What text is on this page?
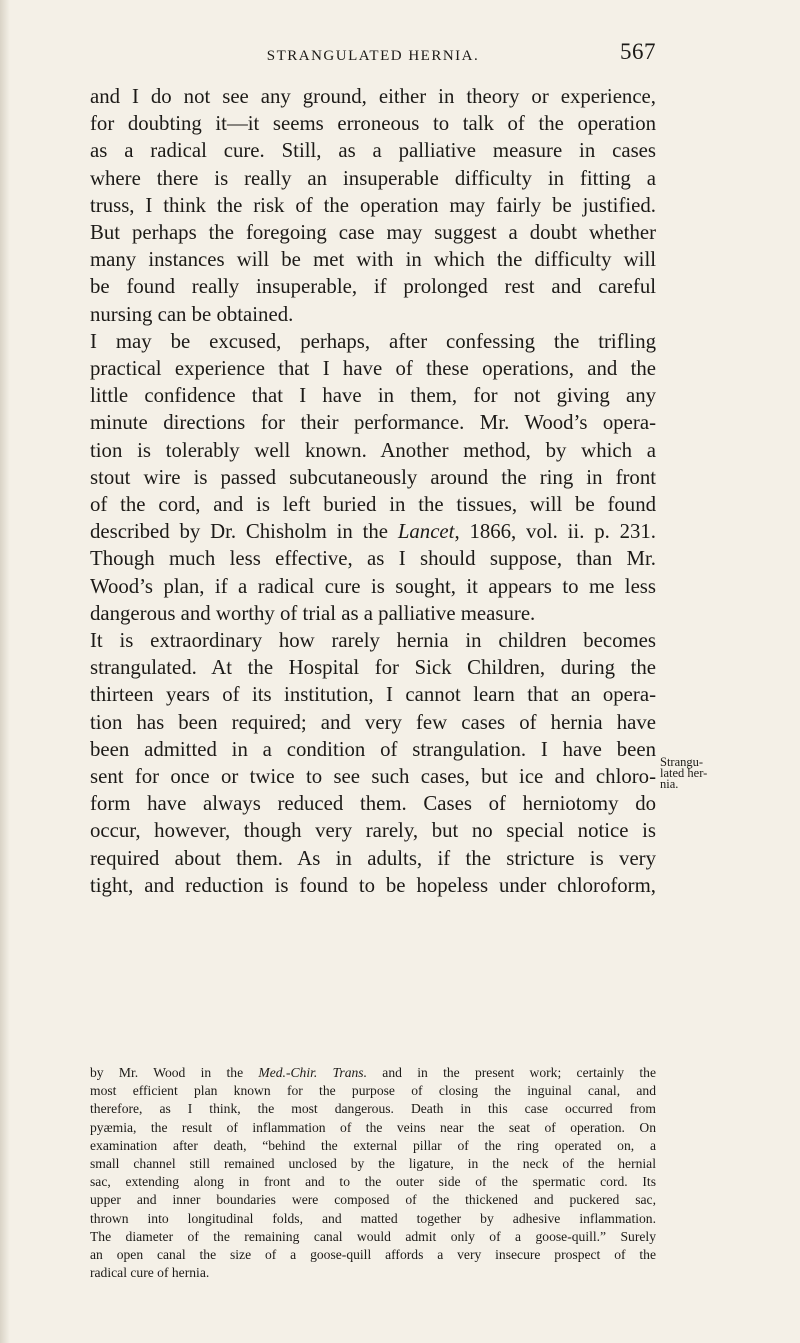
STRANGULATED HERNIA.	567
and I do not see any ground, either in theory or experience,
for doubting it—it seems erroneous to talk of the operation
as a radical cure. Still, as a palliative measure in cases
where there is really an insuperable difficulty in fitting a
truss, I think the risk of the operation may fairly be justified.
But perhaps the foregoing case may suggest a doubt whether
many instances will be met with in which the difficulty will
be found really insuperable, if prolonged rest and careful
nursing can be obtained.
I may be excused, perhaps, after confessing the trifling
practical experience that I have of these operations, and the
little confidence that I have in them, for not giving any
minute directions for their performance. Mr. Wood’s opera-
tion is tolerably well known. Another method, by which a
stout wire is passed subcutaneously around the ring in front
of the cord, and is left buried in the tissues, will be found
described by Dr. Chisholm in the Lancet, 1866, vol. ii. p. 231.
Though much less effective, as I should suppose, than Mr.
Wood’s plan, if a radical cure is sought, it appears to me less
dangerous and worthy of trial as a palliative measure.
It is extraordinary how rarely hernia in children becomes
strangulated. At the Hospital for Sick Children, during the
thirteen years of its institution, I cannot learn that an opera-
tion has been required; and very few cases of hernia have
been admitted in a condition of strangulation. I have been
sent for once or twice to see such cases, but ice and chloro-
form have always reduced them. Cases of herniotomy do
occur, however, though very rarely, but no special notice is
required about them. As in adults, if the stricture is very
tight, and reduction is found to be hopeless under chloroform,
Strangu-
lated her-
nia.
by Mr. Wood in the Med.-Chir. Trans. and in the present work; certainly the
most efficient plan known for the purpose of closing the inguinal canal, and
therefore, as I think, the most dangerous. Death in this case occurred from
pyæmia, the result of inflammation of the veins near the seat of operation. On
examination after death, “behind the external pillar of the ring operated on, a
small channel still remained unclosed by the ligature, in the neck of the hernial
sac, extending along in front and to the outer side of the spermatic cord. Its
upper and inner boundaries were composed of the thickened and puckered sac,
thrown into longitudinal folds, and matted together by adhesive inflammation.
The diameter of the remaining canal would admit only of a goose-quill.” Surely
an open canal the size of a goose-quill affords a very insecure prospect of the
radical cure of hernia.
